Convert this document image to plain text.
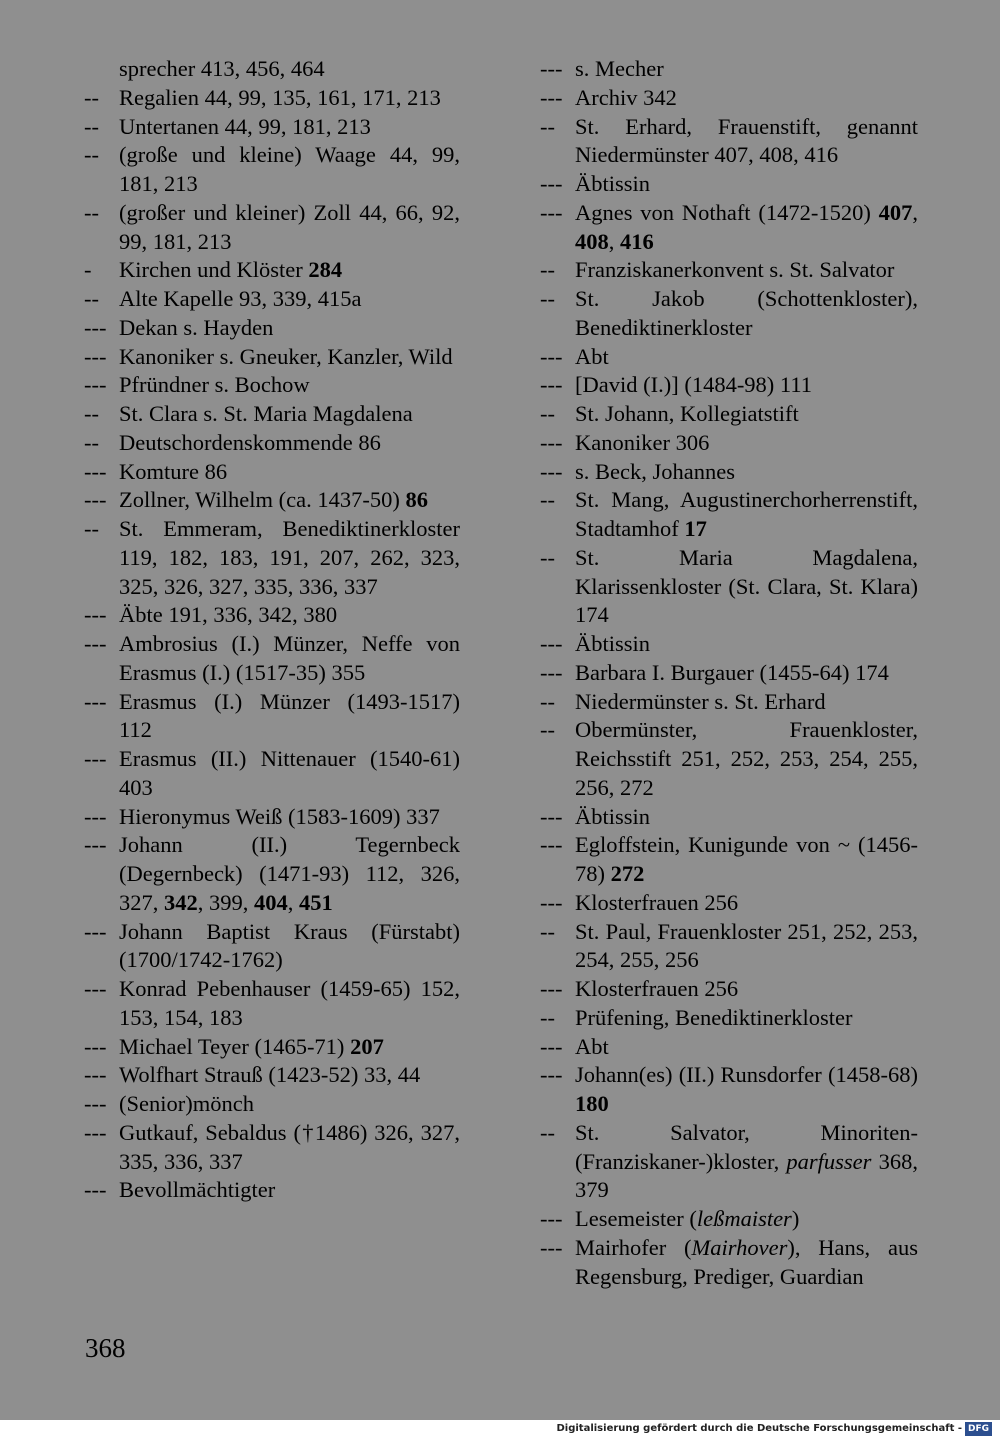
sprecher 413, 456, 464
-- Regalien 44, 99, 135, 161, 171, 213
-- Untertanen 44, 99, 181, 213
-- (große und kleine) Waage 44, 99, 181, 213
-- (großer und kleiner) Zoll 44, 66, 92, 99, 181, 213
- Kirchen und Klöster 284
-- Alte Kapelle 93, 339, 415a
--- Dekan s. Hayden
--- Kanoniker s. Gneuker, Kanzler, Wild
--- Pfründner s. Bochow
-- St. Clara s. St. Maria Magdalena
-- Deutschordenskommende 86
--- Komture 86
--- Zollner, Wilhelm (ca. 1437-50) 86
-- St. Emmeram, Benediktinerkloster 119, 182, 183, 191, 207, 262, 323, 325, 326, 327, 335, 336, 337
--- Äbte 191, 336, 342, 380
--- Ambrosius (I.) Münzer, Neffe von Erasmus (I.) (1517-35) 355
--- Erasmus (I.) Münzer (1493-1517) 112
--- Erasmus (II.) Nittenauer (1540-61) 403
--- Hieronymus Weiß (1583-1609) 337
--- Johann (II.) Tegernbeck (Degernbeck) (1471-93) 112, 326, 327, 342, 399, 404, 451
--- Johann Baptist Kraus (Fürstabt) (1700/1742-1762)
--- Konrad Pebenhauser (1459-65) 152, 153, 154, 183
--- Michael Teyer (1465-71) 207
--- Wolfhart Strauß (1423-52) 33, 44
--- (Senior)mönch
--- Gutkauf, Sebaldus (†1486) 326, 327, 335, 336, 337
--- Bevollmächtigter
--- s. Mecher
--- Archiv 342
-- St. Erhard, Frauenstift, genannt Niedermünster 407, 408, 416
--- Äbtissin
--- Agnes von Nothaft (1472-1520) 407, 408, 416
-- Franziskanerkonvent s. St. Salvator
-- St. Jakob (Schottenkloster), Benediktinerkloster
--- Abt
--- [David (I.)] (1484-98) 111
-- St. Johann, Kollegiatstift
--- Kanoniker 306
--- s. Beck, Johannes
-- St. Mang, Augustinerchorherrenstift, Stadtamhof 17
-- St. Maria Magdalena, Klarissenkloster (St. Clara, St. Klara) 174
--- Äbtissin
--- Barbara I. Burgauer (1455-64) 174
-- Niedermünster s. St. Erhard
-- Obermünster, Frauenkloster, Reichsstift 251, 252, 253, 254, 255, 256, 272
--- Äbtissin
--- Egloffstein, Kunigunde von ~ (1456-78) 272
--- Klosterfrauen 256
-- St. Paul, Frauenkloster 251, 252, 253, 254, 255, 256
--- Klosterfrauen 256
-- Prüfening, Benediktinerkloster
--- Abt
--- Johann(es) (II.) Runsdorfer (1458-68) 180
-- St. Salvator, Minoriten-(Franziskaner-)kloster, parfusser 368, 379
--- Lesemeister (leßmaister)
--- Mairhofer (Mairhover), Hans, aus Regensburg, Prediger, Guardian
368
Digitalisierung gefördert durch die Deutsche Forschungsgemeinschaft - DFG
